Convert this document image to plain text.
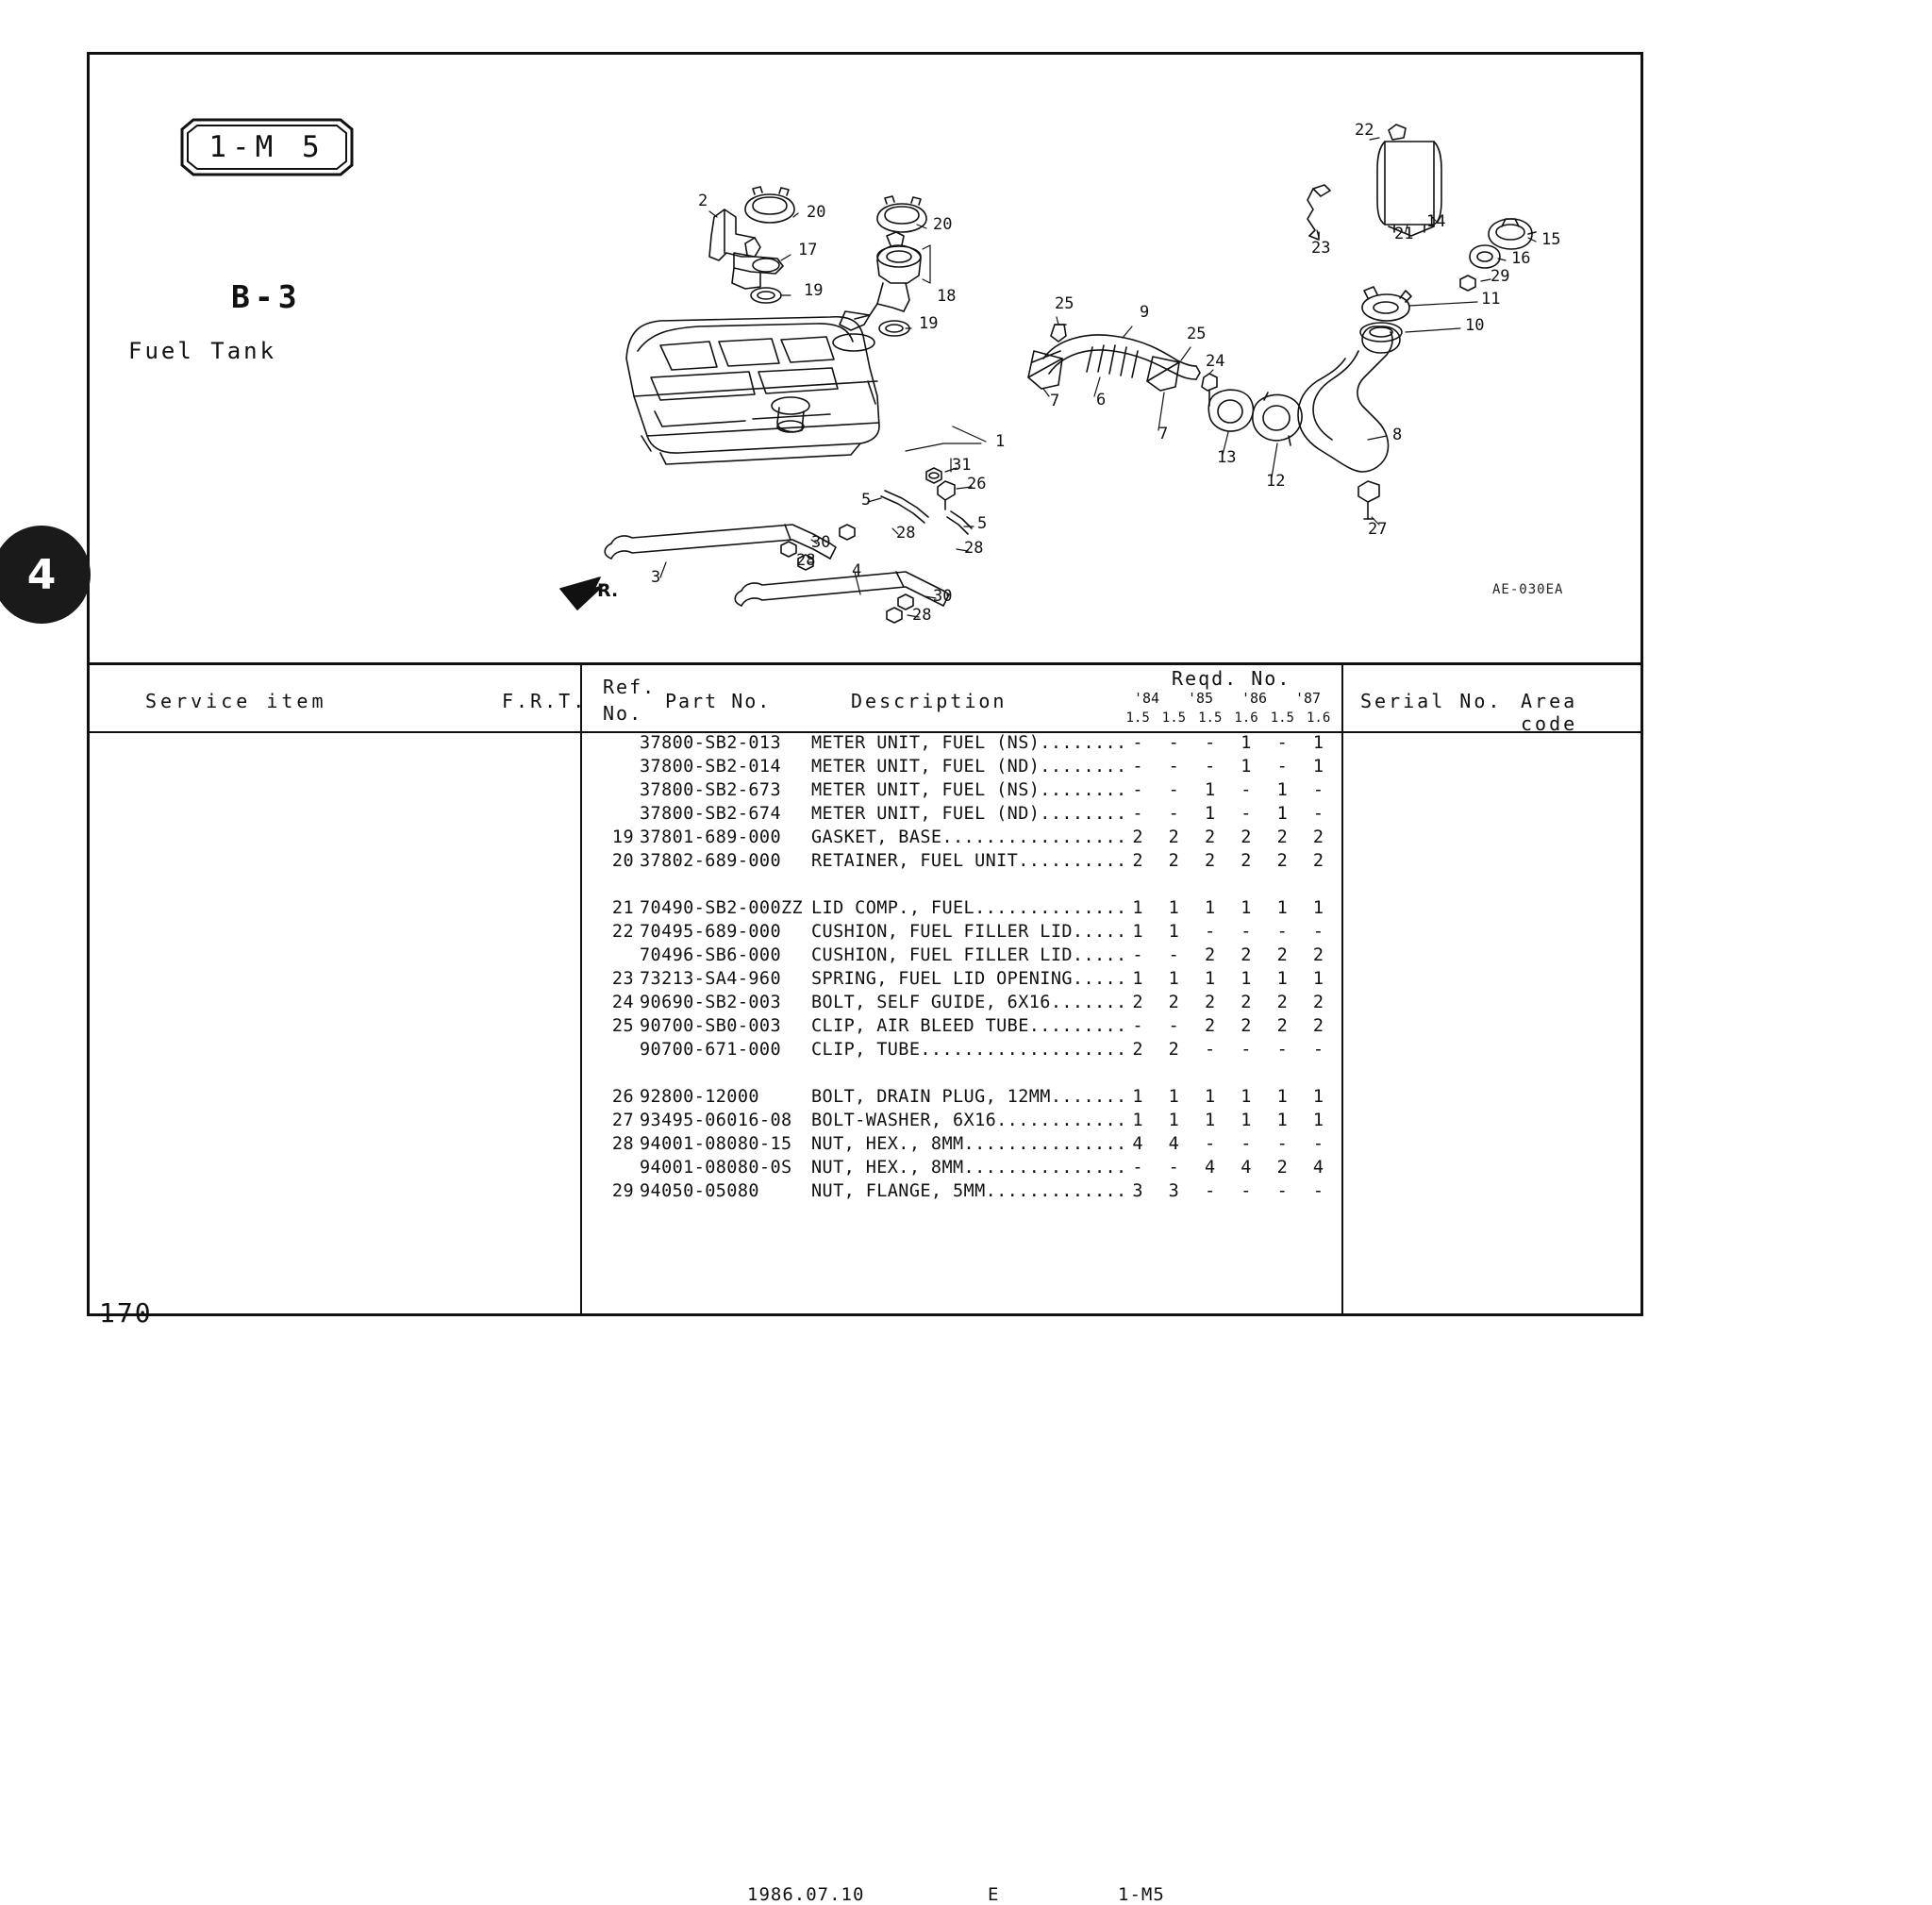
1-M 5
B-3
Fuel Tank
4
170
AE-030EA
1
2
3	4
5
5
6
7
7	8
9
10
11
12
13
14
15
16
17
18
19
19
20
20	21
22
23
24
25
25
26
27
28
28
28
28
29
30
30
31
FR.
Service item	F.R.T.
Ref.
No.
Part No.	Description
Reqd. No.
'84	'85	'86	'87
1.5 1.5 1.5 1.6 1.5 1.6
Serial No. Area code
37800-SB2-013 METER UNIT, FUEL (NS)........ -	-	-	1	-	1
37800-SB2-014 METER UNIT, FUEL (ND)........ -	-	-	1	-	1
37800-SB2-673 METER UNIT, FUEL (NS)........ -	-	1	-	1	-
37800-SB2-674 METER UNIT, FUEL (ND)........ -	-	1	-	1	-
19 37801-689-000 GASKET, BASE................. 2	2	2	2	2	2
20 37802-689-000 RETAINER, FUEL UNIT.......... 2	2	2	2	2	2
21 70490-SB2-000ZZ LID COMP., FUEL.............. 1	1	1	1	1	1
22 70495-689-000 CUSHION, FUEL FILLER LID..... 1	1	-	-	-	-
70496-SB6-000 CUSHION, FUEL FILLER LID..... -	-	2	2	2	2
23 73213-SA4-960 SPRING, FUEL LID OPENING..... 1	1	1	1	1	1
24 90690-SB2-003 BOLT, SELF GUIDE, 6X16....... 2	2	2	2	2	2
25 90700-SB0-003 CLIP, AIR BLEED TUBE......... -	-	2	2	2	2
90700-671-000 CLIP, TUBE................... 2	2	-	-	-	-
26 92800-12000	BOLT, DRAIN PLUG, 12MM....... 1	1	1	1	1	1
27 93495-06016-08 BOLT-WASHER, 6X16............ 1	1	1	1	1	1
28 94001-08080-15 NUT, HEX., 8MM............... 4	4	-	-	-	-
94001-08080-0S NUT, HEX., 8MM............... -	-	4	4	2	4
29 94050-05080	NUT, FLANGE, 5MM............. 3	3	-	-	-	-
1986.07.10	E	1-M5
